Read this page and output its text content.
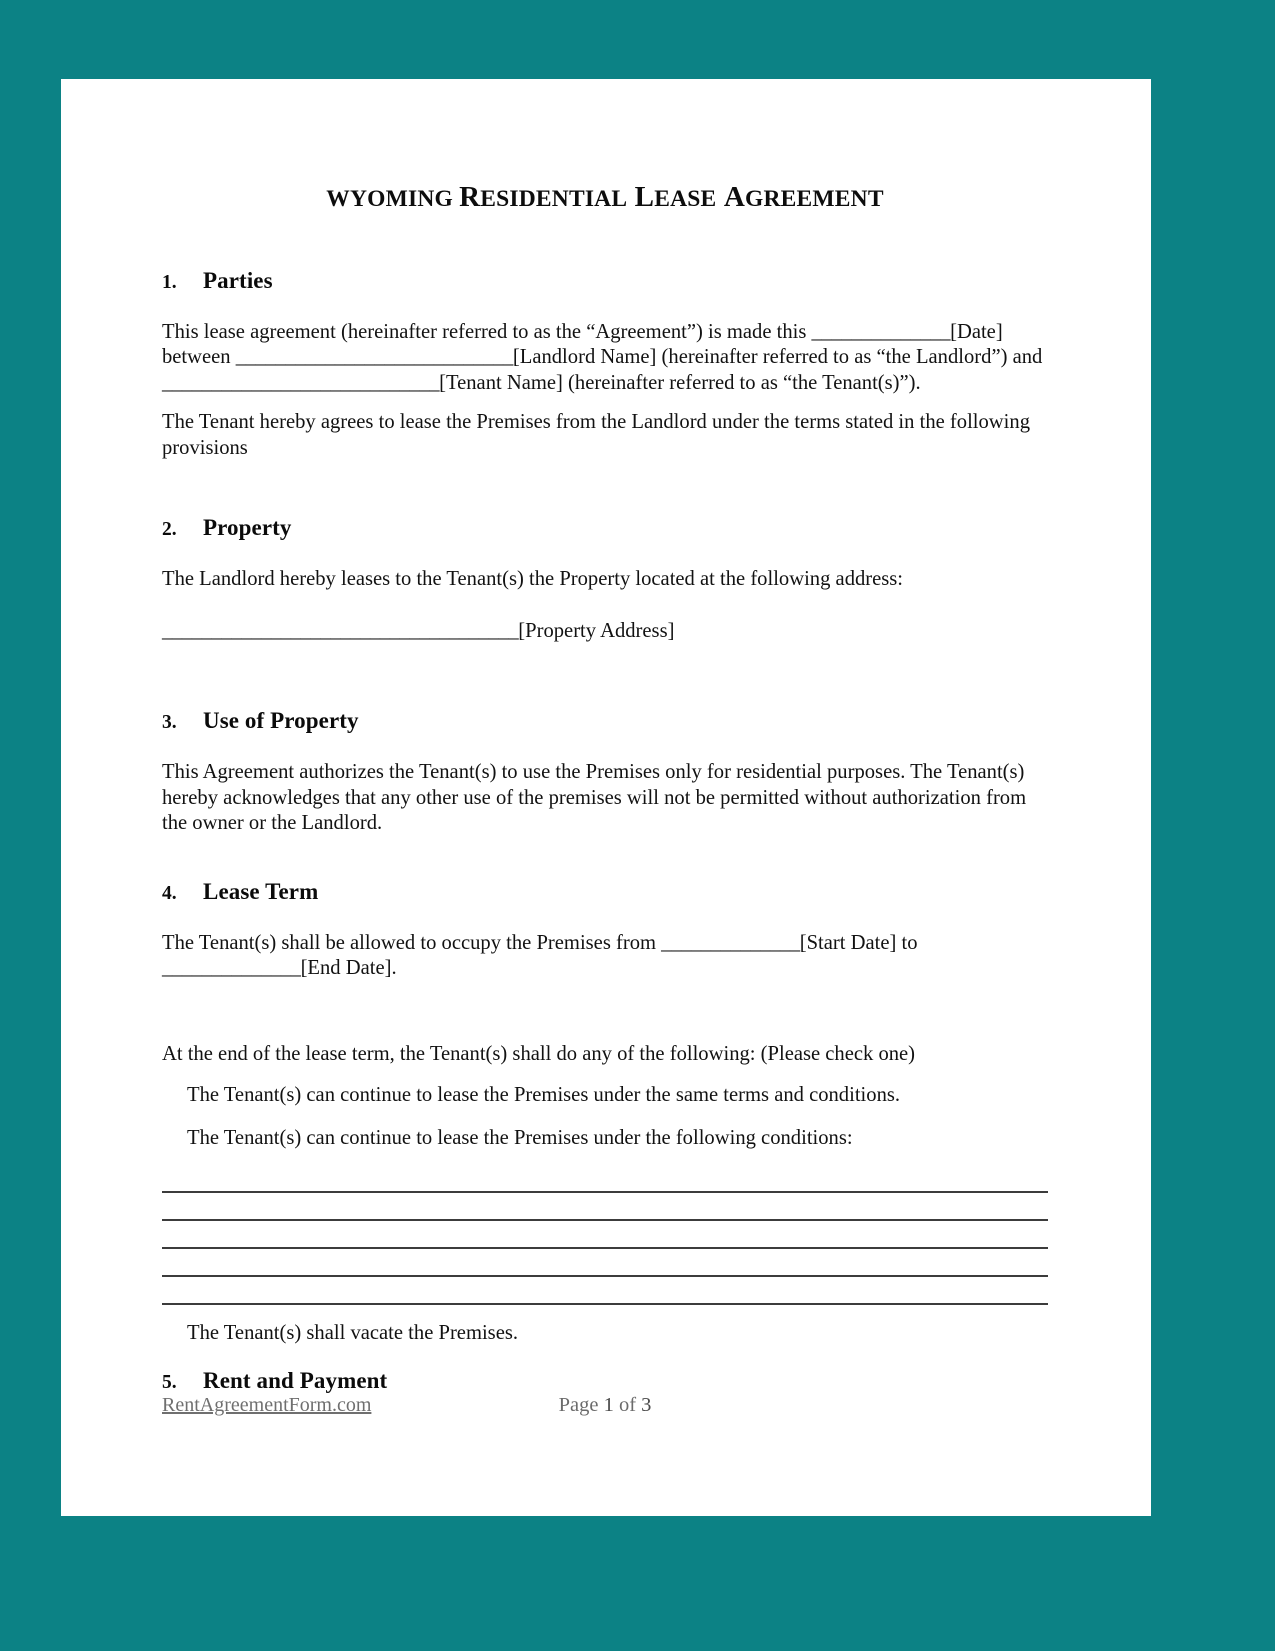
WYOMING RESIDENTIAL LEASE AGREEMENT
1.	Parties

This lease agreement (hereinafter referred to as the “Agreement”) is made this ______________[Date] between ____________________________[Landlord Name] (hereinafter referred to as “the Landlord”) and ____________________________[Tenant Name] (hereinafter referred to as “the Tenant(s)”).

The Tenant hereby agrees to lease the Premises from the Landlord under the terms stated in the following provisions

2.	Property

The Landlord hereby leases to the Tenant(s) the Property located at the following address:

____________________________________[Property Address]

3.	Use of Property

This Agreement authorizes the Tenant(s) to use the Premises only for residential purposes. The Tenant(s) hereby acknowledges that any other use of the premises will not be permitted without authorization from the owner or the Landlord.

4.	Lease Term

The Tenant(s) shall be allowed to occupy the Premises from ______________[Start Date] to ______________[End Date].

At the end of the lease term, the Tenant(s) shall do any of the following: (Please check one)

The Tenant(s) can continue to lease the Premises under the same terms and conditions.

The Tenant(s) can continue to lease the Premises under the following conditions:

The Tenant(s) shall vacate the Premises.

5.	Rent and Payment
RentAgreementForm.com	Page 1 of 3
